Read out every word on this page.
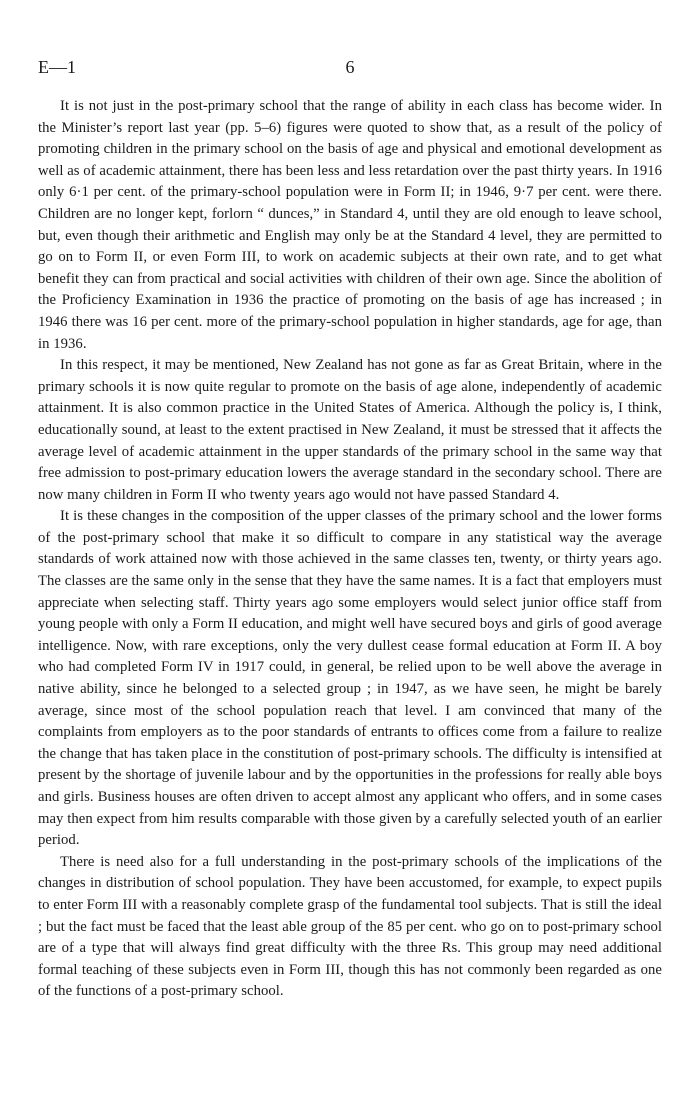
E—1	6

It is not just in the post-primary school that the range of ability in each class has become wider. In the Minister’s report last year (pp. 5–6) figures were quoted to show that, as a result of the policy of promoting children in the primary school on the basis of age and physical and emotional development as well as of academic attainment, there has been less and less retardation over the past thirty years. In 1916 only 6·1 per cent. of the primary-school population were in Form II; in 1946, 9·7 per cent. were there. Children are no longer kept, forlorn “ dunces,” in Standard 4, until they are old enough to leave school, but, even though their arithmetic and English may only be at the Standard 4 level, they are permitted to go on to Form II, or even Form III, to work on academic subjects at their own rate, and to get what benefit they can from practical and social activities with children of their own age. Since the abolition of the Proficiency Examination in 1936 the practice of promoting on the basis of age has increased ; in 1946 there was 16 per cent. more of the primary-school population in higher standards, age for age, than in 1936.

In this respect, it may be mentioned, New Zealand has not gone as far as Great Britain, where in the primary schools it is now quite regular to promote on the basis of age alone, independently of academic attainment. It is also common practice in the United States of America. Although the policy is, I think, educationally sound, at least to the extent practised in New Zealand, it must be stressed that it affects the average level of academic attainment in the upper standards of the primary school in the same way that free admission to post-primary education lowers the average standard in the secondary school. There are now many children in Form II who twenty years ago would not have passed Standard 4.

It is these changes in the composition of the upper classes of the primary school and the lower forms of the post-primary school that make it so difficult to compare in any statistical way the average standards of work attained now with those achieved in the same classes ten, twenty, or thirty years ago. The classes are the same only in the sense that they have the same names. It is a fact that employers must appreciate when selecting staff. Thirty years ago some employers would select junior office staff from young people with only a Form II education, and might well have secured boys and girls of good average intelligence. Now, with rare exceptions, only the very dullest cease formal education at Form II. A boy who had completed Form IV in 1917 could, in general, be relied upon to be well above the average in native ability, since he belonged to a selected group ; in 1947, as we have seen, he might be barely average, since most of the school population reach that level. I am convinced that many of the complaints from employers as to the poor standards of entrants to offices come from a failure to realize the change that has taken place in the constitution of post-primary schools. The difficulty is intensified at present by the shortage of juvenile labour and by the opportunities in the professions for really able boys and girls. Business houses are often driven to accept almost any applicant who offers, and in some cases may then expect from him results comparable with those given by a carefully selected youth of an earlier period.

There is need also for a full understanding in the post-primary schools of the implications of the changes in distribution of school population. They have been accustomed, for example, to expect pupils to enter Form III with a reasonably complete grasp of the fundamental tool subjects. That is still the ideal ; but the fact must be faced that the least able group of the 85 per cent. who go on to post-primary school are of a type that will always find great difficulty with the three Rs. This group may need additional formal teaching of these subjects even in Form III, though this has not commonly been regarded as one of the functions of a post-primary school.
